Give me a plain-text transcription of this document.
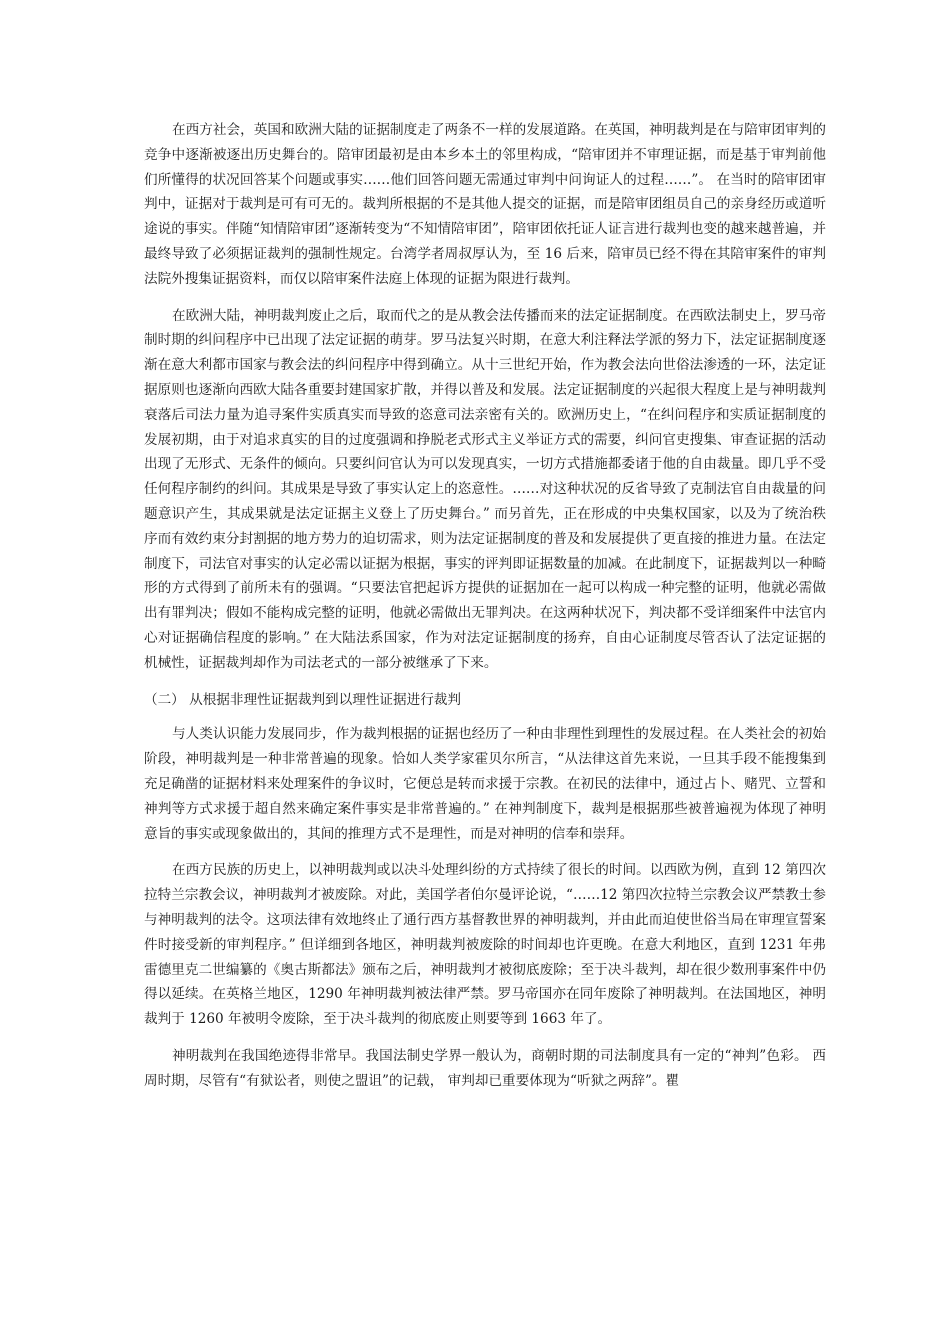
在西方社会，英国和欧洲大陆的证据制度走了两条不一样的发展道路。在英国，神明裁判是在与陪审团审判的竞争中逐渐被逐出历史舞台的。陪审团最初是由本乡本土的邻里构成，“陪审团并不审理证据，而是基于审判前他们所懂得的状况回答某个问题或事实……他们回答问题无需通过审判中问询证人的过程……”。 在当时的陪审团审判中，证据对于裁判是可有可无的。裁判所根据的不是其他人提交的证据，而是陪审团组员自己的亲身经历或道听途说的事实。伴随“知情陪审团”逐渐转变为“不知情陪审团”，陪审团依托证人证言进行裁判也变的越来越普遍，并最终导致了必须据证裁判的强制性规定。台湾学者周叔厚认为，至 16 后来，陪审员已经不得在其陪审案件的审判法院外搜集证据资料，而仅以陪审案件法庭上体现的证据为限进行裁判。

在欧洲大陆，神明裁判废止之后，取而代之的是从教会法传播而来的法定证据制度。在西欧法制史上，罗马帝制时期的纠问程序中已出现了法定证据的萌芽。罗马法复兴时期，在意大利注释法学派的努力下，法定证据制度逐渐在意大利都市国家与教会法的纠问程序中得到确立。从十三世纪开始，作为教会法向世俗法渗透的一环，法定证据原则也逐渐向西欧大陆各重要封建国家扩散，并得以普及和发展。法定证据制度的兴起很大程度上是与神明裁判衰落后司法力量为追寻案件实质真实而导致的恣意司法亲密有关的。欧洲历史上，“在纠问程序和实质证据制度的发展初期，由于对追求真实的目的过度强调和挣脱老式形式主义举证方式的需要，纠问官吏搜集、审查证据的活动出现了无形式、无条件的倾向。只要纠问官认为可以发现真实，一切方式措施都委诸于他的自由裁量。即几乎不受任何程序制约的纠问。其成果是导致了事实认定上的恣意性。……对这种状况的反省导致了克制法官自由裁量的问题意识产生，其成果就是法定证据主义登上了历史舞台。” 而另首先，正在形成的中央集权国家，以及为了统治秩序而有效约束分封割据的地方势力的迫切需求，则为法定证据制度的普及和发展提供了更直接的推进力量。在法定制度下，司法官对事实的认定必需以证据为根据，事实的评判即证据数量的加减。在此制度下，证据裁判以一种畸形的方式得到了前所未有的强调。“只要法官把起诉方提供的证据加在一起可以构成一种完整的证明，他就必需做出有罪判决；假如不能构成完整的证明，他就必需做出无罪判决。在这两种状况下，判决都不受详细案件中法官内心对证据确信程度的影响。” 在大陆法系国家，作为对法定证据制度的扬弃，自由心证制度尽管否认了法定证据的机械性，证据裁判却作为司法老式的一部分被继承了下来。

（二） 从根据非理性证据裁判到以理性证据进行裁判

与人类认识能力发展同步，作为裁判根据的证据也经历了一种由非理性到理性的发展过程。在人类社会的初始阶段，神明裁判是一种非常普遍的现象。恰如人类学家霍贝尔所言，“从法律这首先来说，一旦其手段不能搜集到充足确凿的证据材料来处理案件的争议时，它便总是转而求援于宗教。在初民的法律中，通过占卜、赌咒、立誓和神判等方式求援于超自然来确定案件事实是非常普遍的。” 在神判制度下，裁判是根据那些被普遍视为体现了神明意旨的事实或现象做出的，其间的推理方式不是理性，而是对神明的信奉和崇拜。

在西方民族的历史上，以神明裁判或以决斗处理纠纷的方式持续了很长的时间。以西欧为例，直到 12 第四次拉特兰宗教会议，神明裁判才被废除。对此，美国学者伯尔曼评论说，“……12 第四次拉特兰宗教会议严禁教士参与神明裁判的法令。这项法律有效地终止了通行西方基督教世界的神明裁判，并由此而迫使世俗当局在审理宣誓案件时接受新的审判程序。” 但详细到各地区，神明裁判被废除的时间却也许更晚。在意大利地区，直到 1231 年弗雷德里克二世编纂的《奥古斯都法》颁布之后，神明裁判才被彻底废除；至于决斗裁判，却在很少数刑事案件中仍得以延续。在英格兰地区，1290 年神明裁判被法律严禁。罗马帝国亦在同年废除了神明裁判。在法国地区，神明裁判于 1260 年被明令废除，至于决斗裁判的彻底废止则要等到 1663 年了。

神明裁判在我国绝迹得非常早。我国法制史学界一般认为，商朝时期的司法制度具有一定的“神判”色彩。 西周时期，尽管有“有狱讼者，则使之盟诅”的记载， 审判却已重要体现为“听狱之两辞”。瞿
